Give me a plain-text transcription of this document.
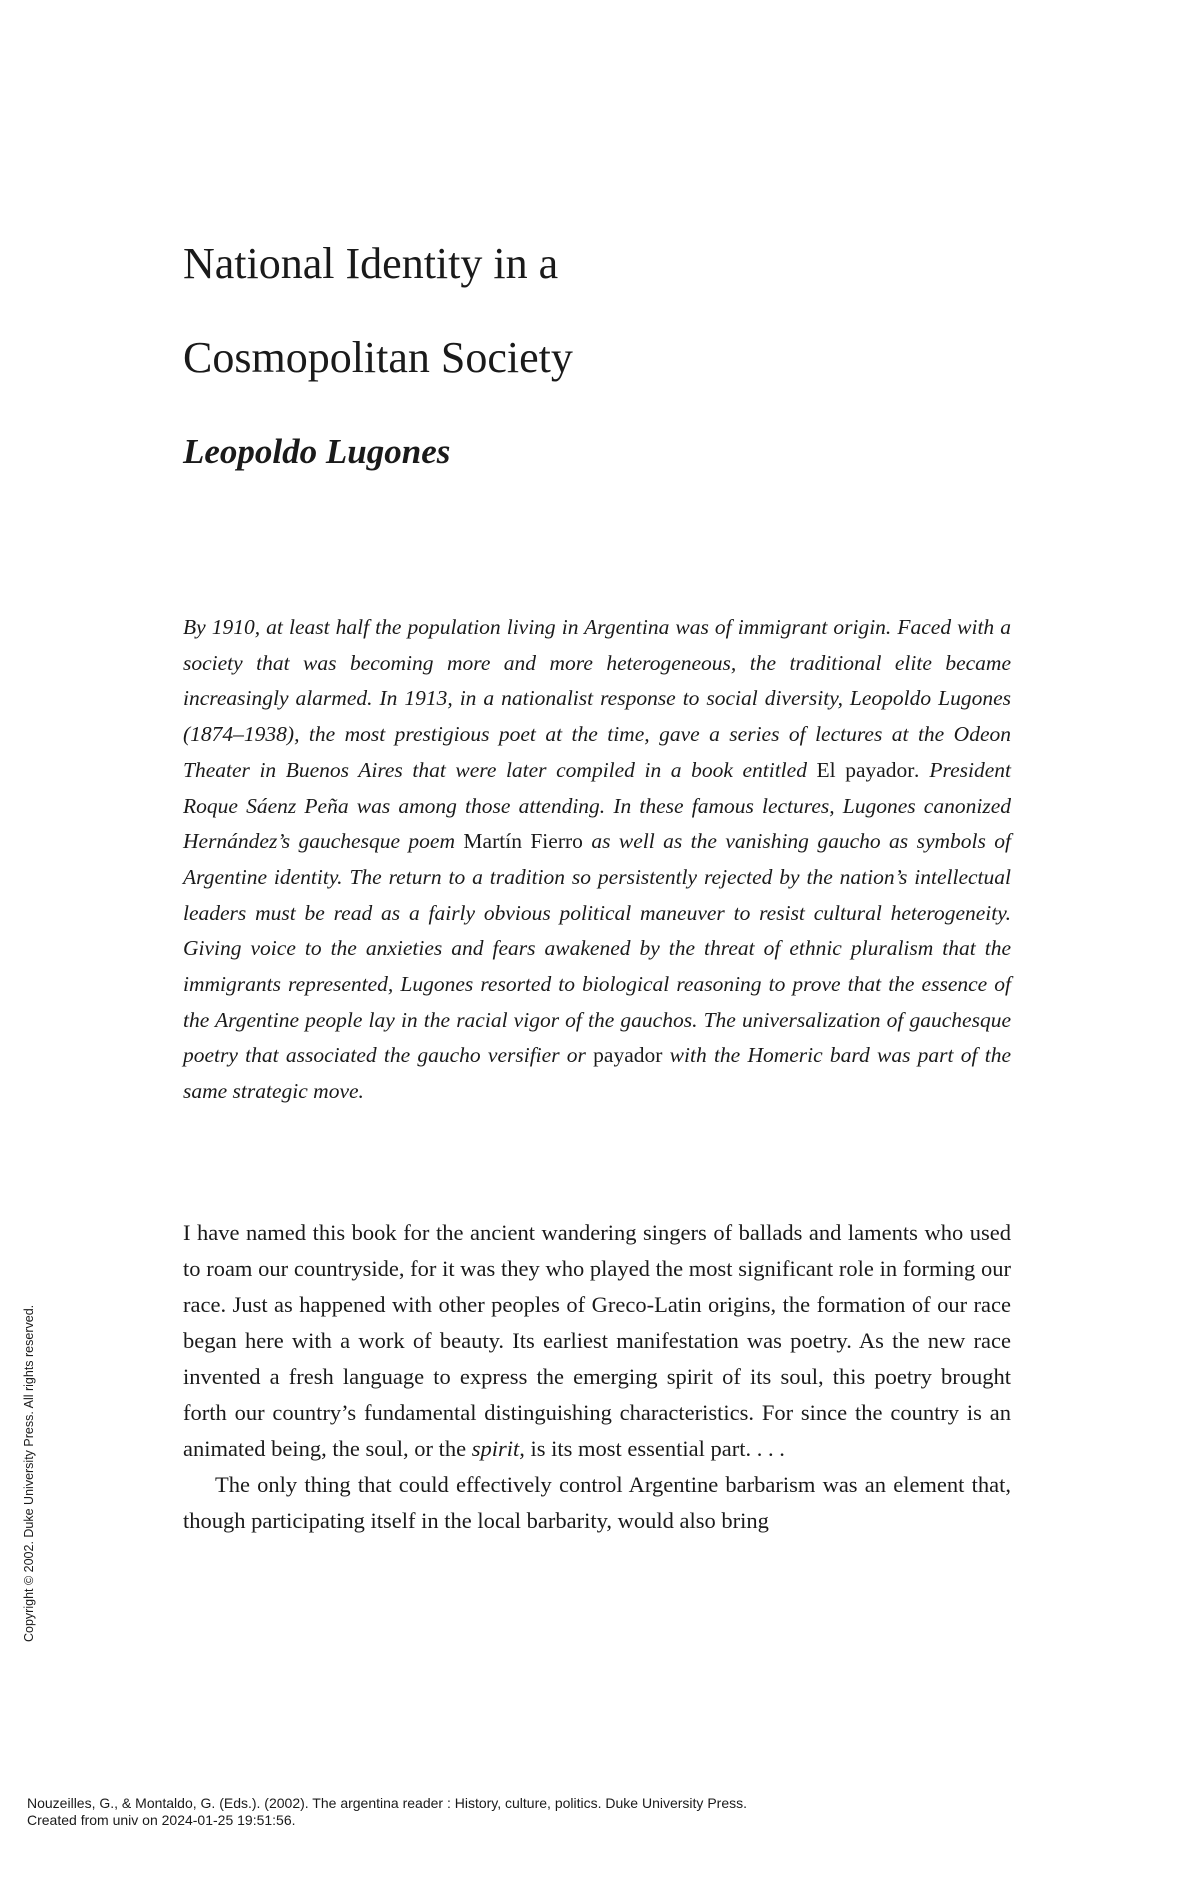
National Identity in a
Cosmopolitan Society
Leopoldo Lugones

By 1910, at least half the population living in Argentina was of immigrant origin. Faced with a society that was becoming more and more heterogeneous, the traditional elite became increasingly alarmed. In 1913, in a nationalist response to social diversity, Leopoldo Lugones (1874–1938), the most prestigious poet at the time, gave a series of lectures at the Odeon Theater in Buenos Aires that were later compiled in a book entitled El payador. President Roque Sáenz Peña was among those attending. In these famous lectures, Lugones canonized Hernández’s gauchesque poem Martín Fierro as well as the vanishing gaucho as symbols of Argentine identity. The return to a tradition so persistently rejected by the nation’s intellectual leaders must be read as a fairly obvious political maneuver to resist cultural heterogeneity. Giving voice to the anxieties and fears awakened by the threat of ethnic pluralism that the immigrants represented, Lugones resorted to biological reasoning to prove that the essence of the Argentine people lay in the racial vigor of the gauchos. The universalization of gauchesque poetry that associated the gaucho versifier or payador with the Homeric bard was part of the same strategic move.

I have named this book for the ancient wandering singers of ballads and laments who used to roam our countryside, for it was they who played the most significant role in forming our race. Just as happened with other peoples of Greco-Latin origins, the formation of our race began here with a work of beauty. Its earliest manifestation was poetry. As the new race invented a fresh language to express the emerging spirit of its soul, this poetry brought forth our country’s fundamental distinguishing characteristics. For since the country is an animated being, the soul, or the spirit, is its most essential part. . . .

The only thing that could effectively control Argentine barbarism was an element that, though participating itself in the local barbarity, would also bring

Copyright © 2002. Duke University Press. All rights reserved.
Nouzeilles, G., & Montaldo, G. (Eds.). (2002). The argentina reader : History, culture, politics. Duke University Press.
Created from univ on 2024-01-25 19:51:56.
